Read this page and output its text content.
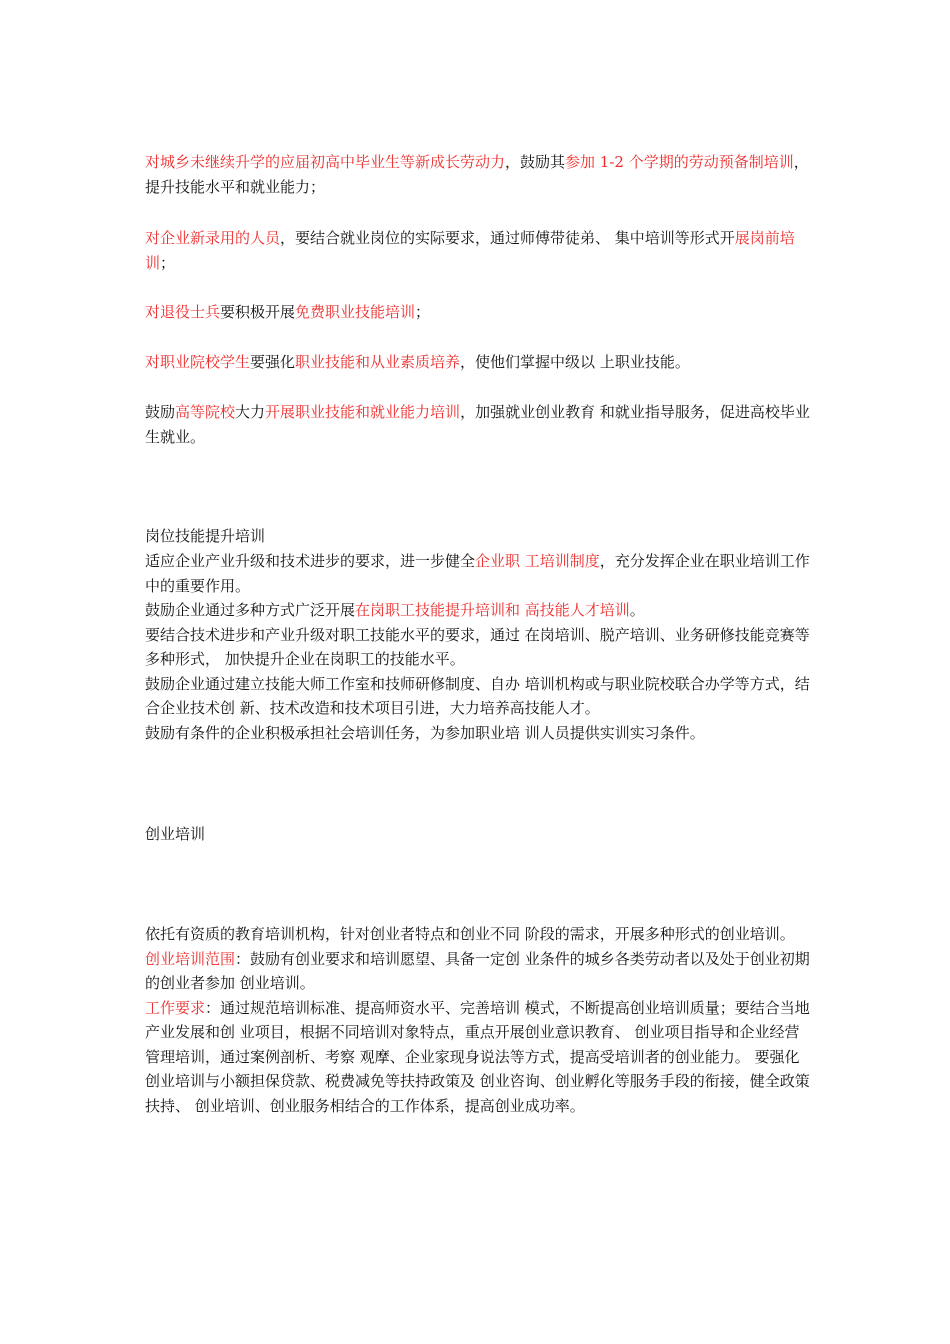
对城乡未继续升学的应届初高中毕业生等新成长劳动力，鼓励其参加 1-2 个学期的劳动预备制培训，提升技能水平和就业能力；

对企业新录用的人员，要结合就业岗位的实际要求，通过师傅带徒弟、 集中培训等形式开展岗前培训；

对退役士兵要积极开展免费职业技能培训；

对职业院校学生要强化职业技能和从业素质培养，使他们掌握中级以 上职业技能。

鼓励高等院校大力开展职业技能和就业能力培训，加强就业创业教育 和就业指导服务，促进高校毕业生就业。

岗位技能提升培训

适应企业产业升级和技术进步的要求，进一步健全企业职 工培训制度，充分发挥企业在职业培训工作中的重要作用。

鼓励企业通过多种方式广泛开展在岗职工技能提升培训和 高技能人才培训。

要结合技术进步和产业升级对职工技能水平的要求，通过 在岗培训、脱产培训、业务研修技能竞赛等多种形式， 加快提升企业在岗职工的技能水平。

鼓励企业通过建立技能大师工作室和技师研修制度、自办 培训机构或与职业院校联合办学等方式，结合企业技术创 新、技术改造和技术项目引进，大力培养高技能人才。

鼓励有条件的企业积极承担社会培训任务，为参加职业培 训人员提供实训实习条件。

创业培训

依托有资质的教育培训机构，针对创业者特点和创业不同 阶段的需求，开展多种形式的创业培训。

创业培训范围：鼓励有创业要求和培训愿望、具备一定创 业条件的城乡各类劳动者以及处于创业初期的创业者参加 创业培训。

工作要求：通过规范培训标准、提高师资水平、完善培训 模式，不断提高创业培训质量；要结合当地产业发展和创 业项目，根据不同培训对象特点，重点开展创业意识教育、 创业项目指导和企业经营管理培训，通过案例剖析、考察 观摩、企业家现身说法等方式，提高受培训者的创业能力。 要强化创业培训与小额担保贷款、税费减免等扶持政策及 创业咨询、创业孵化等服务手段的衔接，健全政策扶持、 创业培训、创业服务相结合的工作体系，提高创业成功率。
